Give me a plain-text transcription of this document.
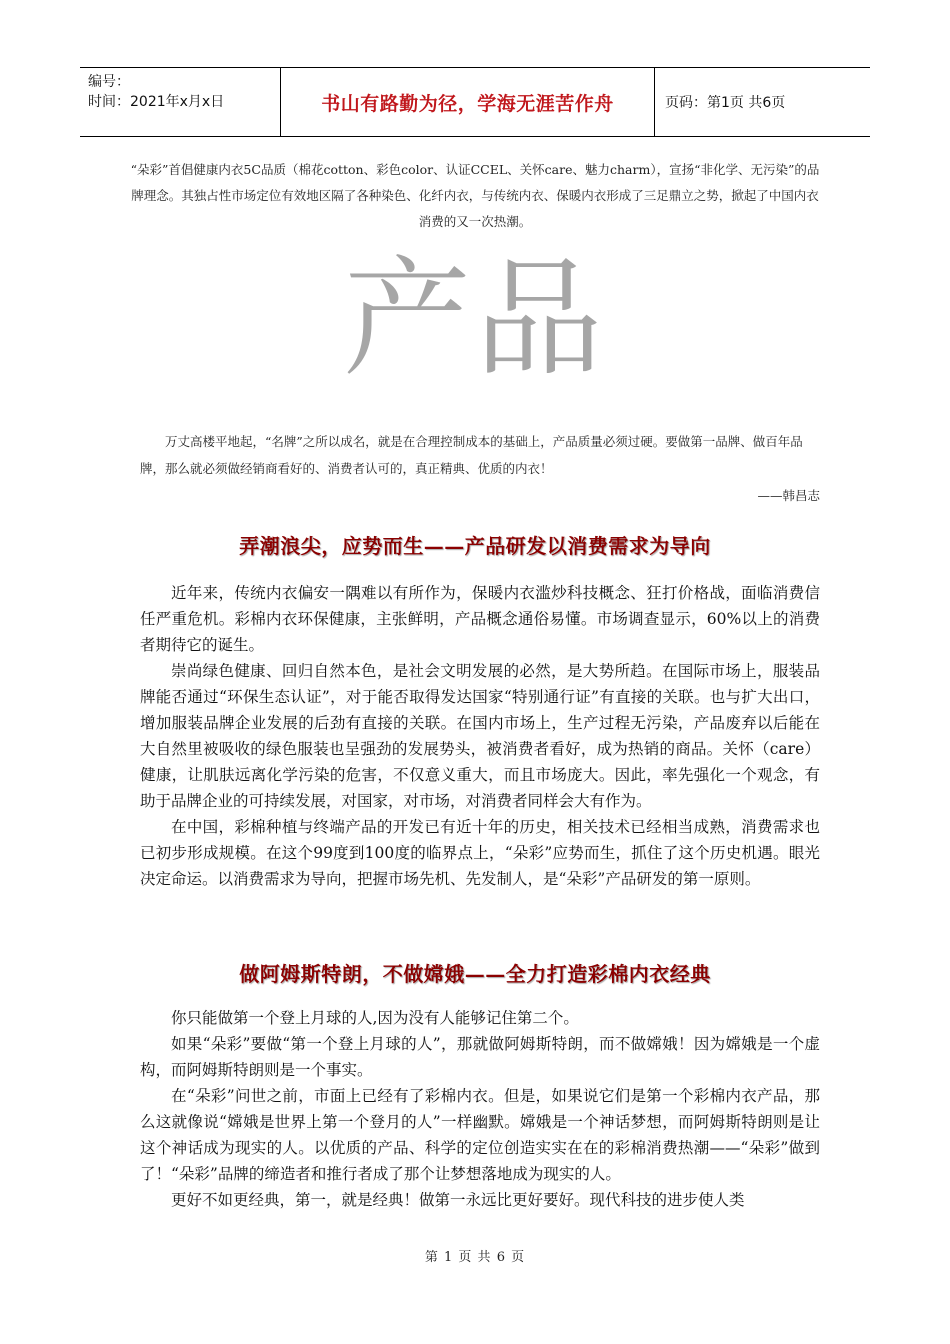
编号：
时间：2021年x月x日	书山有路勤为径，学海无涯苦作舟	页码：第1页 共6页
“朵彩”首倡健康内衣5C品质（棉花cotton、彩色color、认证CCEL、关怀care、魅力charm），宣扬“非化学、无污染”的品牌理念。其独占性市场定位有效地区隔了各种染色、化纤内衣，与传统内衣、保暖内衣形成了三足鼎立之势，掀起了中国内衣消费的又一次热潮。
产品
万丈高楼平地起，“名牌”之所以成名，就是在合理控制成本的基础上，产品质量必须过硬。要做第一品牌、做百年品牌，那么就必须做经销商看好的、消费者认可的，真正精典、优质的内衣！
——韩昌志
弄潮浪尖，应势而生——产品研发以消费需求为导向

近年来，传统内衣偏安一隅难以有所作为，保暖内衣滥炒科技概念、狂打价格战，面临消费信任严重危机。彩棉内衣环保健康，主张鲜明，产品概念通俗易懂。市场调查显示，60%以上的消费者期待它的诞生。

崇尚绿色健康、回归自然本色，是社会文明发展的必然，是大势所趋。在国际市场上，服装品牌能否通过“环保生态认证”，对于能否取得发达国家“特别通行证”有直接的关联。也与扩大出口，增加服装品牌企业发展的后劲有直接的关联。在国内市场上，生产过程无污染，产品废弃以后能在大自然里被吸收的绿色服装也呈强劲的发展势头，被消费者看好，成为热销的商品。关怀（care）健康，让肌肤远离化学污染的危害，不仅意义重大，而且市场庞大。因此，率先强化一个观念，有助于品牌企业的可持续发展，对国家，对市场，对消费者同样会大有作为。

在中国，彩棉种植与终端产品的开发已有近十年的历史，相关技术已经相当成熟，消费需求也已初步形成规模。在这个99度到100度的临界点上，“朵彩”应势而生，抓住了这个历史机遇。眼光决定命运。以消费需求为导向，把握市场先机、先发制人，是“朵彩”产品研发的第一原则。

做阿姆斯特朗，不做嫦娥——全力打造彩棉内衣经典

你只能做第一个登上月球的人,因为没有人能够记住第二个。

如果“朵彩”要做“第一个登上月球的人”，那就做阿姆斯特朗，而不做嫦娥！因为嫦娥是一个虚构，而阿姆斯特朗则是一个事实。

在“朵彩”问世之前，市面上已经有了彩棉内衣。但是，如果说它们是第一个彩棉内衣产品，那么这就像说“嫦娥是世界上第一个登月的人”一样幽默。嫦娥是一个神话梦想，而阿姆斯特朗则是让这个神话成为现实的人。以优质的产品、科学的定位创造实实在在的彩棉消费热潮——“朵彩”做到了！“朵彩”品牌的缔造者和推行者成了那个让梦想落地成为现实的人。

更好不如更经典，第一，就是经典！做第一永远比更好要好。现代科技的进步使人类

第 1 页 共 6 页
